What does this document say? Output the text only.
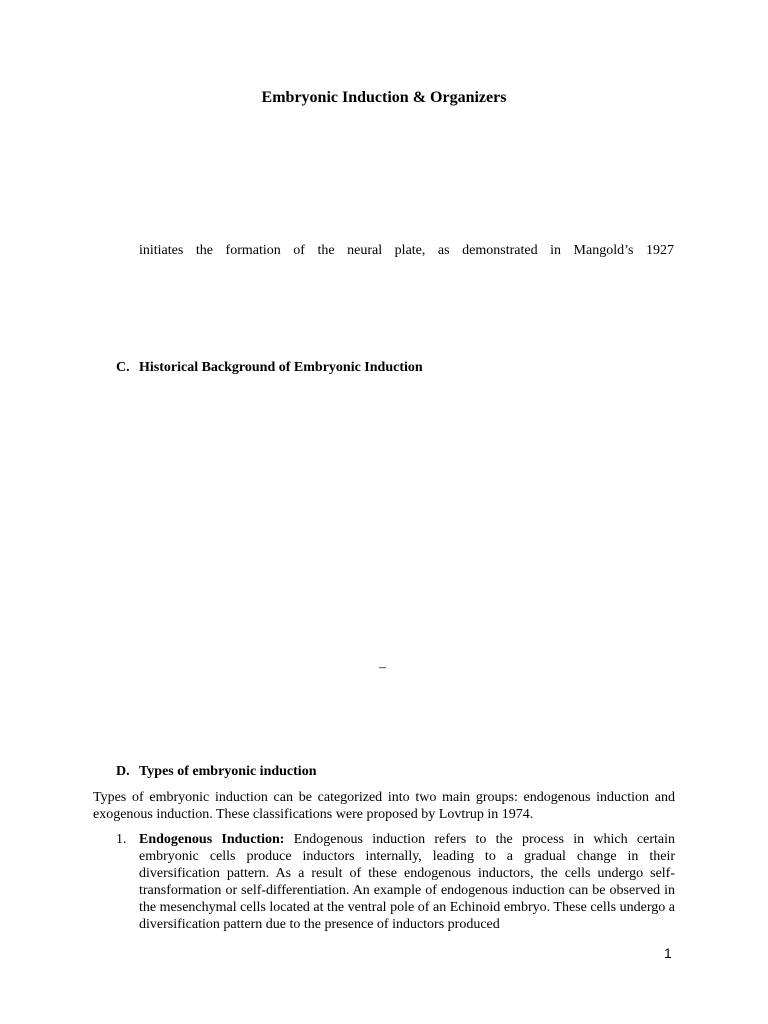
Embryonic Induction & Organizers
initiates the formation of the neural plate, as demonstrated in Mangold’s 1927
C. Historical Background of Embryonic Induction
–
D. Types of embryonic induction
Types of embryonic induction can be categorized into two main groups: endogenous induction and exogenous induction. These classifications were proposed by Lovtrup in 1974.
1. Endogenous Induction: Endogenous induction refers to the process in which certain embryonic cells produce inductors internally, leading to a gradual change in their diversification pattern. As a result of these endogenous inductors, the cells undergo self-transformation or self-differentiation. An example of endogenous induction can be observed in the mesenchymal cells located at the ventral pole of an Echinoid embryo. These cells undergo a diversification pattern due to the presence of inductors produced
1
